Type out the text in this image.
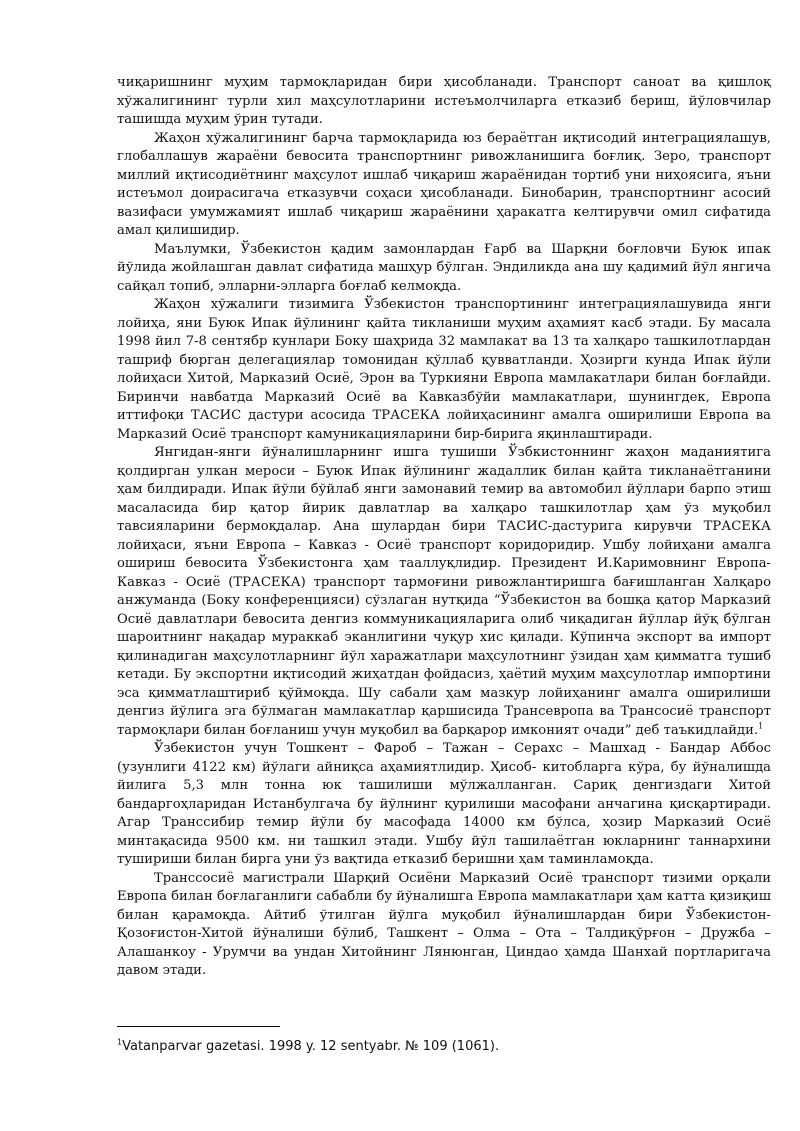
чиқаришнинг муҳим тармоқларидан бири ҳисобланади. Транспорт саноат ва қишлоқ хўжалигининг турли хил маҳсулотларини истеъмолчиларга етказиб бериш, йўловчилар ташишда муҳим ўрин тутади.

Жаҳон хўжалигининг барча тармоқларида юз бераётган иқтисодий интеграциялашув, глобаллашув жараёни бевосита транспортнинг ривожланишига боғлиқ. Зеро, транспорт миллий иқтисодиётнинг маҳсулот ишлаб чиқариш жараёнидан тортиб уни ниҳоясига, яъни истеъмол доирасигача етказувчи соҳаси ҳисобланади. Бинобарин, транспортнинг асосий вазифаси умумжамият ишлаб чиқариш жараёнини ҳаракатга келтирувчи омил сифатида амал қилишидир.

Маълумки, Ўзбекистон қадим замонлардан Ғарб ва Шарқни боғловчи Буюк ипак йўлида жойлашган давлат сифатида машҳур бўлган. Эндиликда ана шу қадимий йўл янгича сайқал топиб, элларни-элларга боғлаб келмоқда.

Жаҳон хўжалиги тизимига Ўзбекистон транспортининг интеграциялашувида янги лойиҳа, яни Буюк Ипак йўлининг қайта тикланиши муҳим аҳамият касб этади. Бу масала 1998 йил 7-8 сентябр кунлари Боку шаҳрида 32 мамлакат ва 13 та халқаро ташкилотлардан ташриф бюрган делегациялар томонидан қўллаб қувватланди. Ҳозирги кунда Ипак йўли лойиҳаси Хитой, Марказий Осиё, Эрон ва Туркияни Европа мамлакатлари билан боғлайди. Биринчи навбатда Марказий Осиё ва Кавказбўйи мамлакатлари, шунингдек, Европа иттифоқи ТАСИС дастури асосида ТРАСЕКА лойиҳасининг амалга оширилиши Европа ва Марказий Осиё транспорт камуникацияларини бир-бирига яқинлаштиради.

Янгидан-янги йўналишларнинг ишга тушиши Ўзбкистоннинг жаҳон маданиятига қолдирган улкан мероси – Буюк Ипак йўлининг жадаллик билан қайта тикланаётганини ҳам билдиради. Ипак йўли бўйлаб янги замонавий темир ва автомобил йўллари барпо этиш масаласида бир қатор йирик давлатлар ва халқаро ташкилотлар ҳам ўз муқобил тавсияларини бермоқдалар. Ана шулардан бири ТАСИС-дастурига кирувчи ТРАСЕКА лойиҳаси, яъни Европа – Кавказ - Осиё транспорт коридоридир. Ушбу лойиҳани амалга ошириш бевосита Ўзбекистонга ҳам тааллуқлидир. Президент И.Каримовнинг Европа-Кавказ - Осиё (ТРАСЕКА) транспорт тармоғини ривожлантиришга бағишланган Халқаро анжуманда (Боку конференцияси) сўзлаган нутқида “Ўзбекистон ва бошқа қатор Марказий Осиё давлатлари бевосита денгиз коммуникацияларига олиб чиқадиган йўллар йўқ бўлган шароитнинг нақадар мураккаб эканлигини чуқур хис қилади. Кўпинча экспорт ва импорт қилинадиган маҳсулотларнинг йўл харажатлари маҳсулотнинг ўзидан ҳам қимматга тушиб кетади. Бу экспортни иқтисодий жиҳатдан фойдасиз, ҳаётий муҳим маҳсулотлар импортини эса қимматлаштириб қўймоқда. Шу сабали ҳам мазкур лойиҳанинг амалга оширилиши денгиз йўлига эга бўлмаган мамлакатлар қаршисида Трансевропа ва Трансосиё транспорт тармоқлари билан боғланиш учун муқобил ва барқарор имконият очади” деб таъкидлайди.$^1$

Ўзбекистон учун Тошкент – Фароб – Тажан – Серахс – Машхад - Бандар Аббос (узунлиги 4122 км) йўлаги айниқса аҳамиятлидир. Ҳисоб- китобларга кўра, бу йўналишда йилига 5,3 млн тонна юк ташилиши мўлжалланган. Сариқ денгиздаги Хитой бандаргоҳларидан Истанбулгача бу йўлнинг қурилиши масофани анчагина қисқартиради. Агар Транссибир темир йўли бу масофада 14000 км бўлса, ҳозир Марказий Осиё минтақасида 9500 км. ни ташкил этади. Ушбу йўл ташилаётган юкларнинг таннархини тушириши билан бирга уни ўз вақтида етказиб беришни ҳам таминламоқда.

Транссосиё магистрали Шарқий Осиёни Марказий Осиё транспорт тизими орқали Европа билан боғлаганлиги сабабли бу йўналишга Европа мамлакатлари ҳам катта қизиқиш билан қарамоқда. Айтиб ўтилган йўлга муқобил йўналишлардан бири Ўзбекистон-Қозоғистон-Хитой йўналиши бўлиб, Ташкент – Олма – Ота – Талдиқўрғон – Дружба – Алашанкоу - Урумчи ва ундан Хитойнинг Лянюнган, Циндао ҳамда Шанхай портларигача давом этади.

$^1$Vatanparvar gazetasi. 1998 y. 12 sentyabr. № 109 (1061).
